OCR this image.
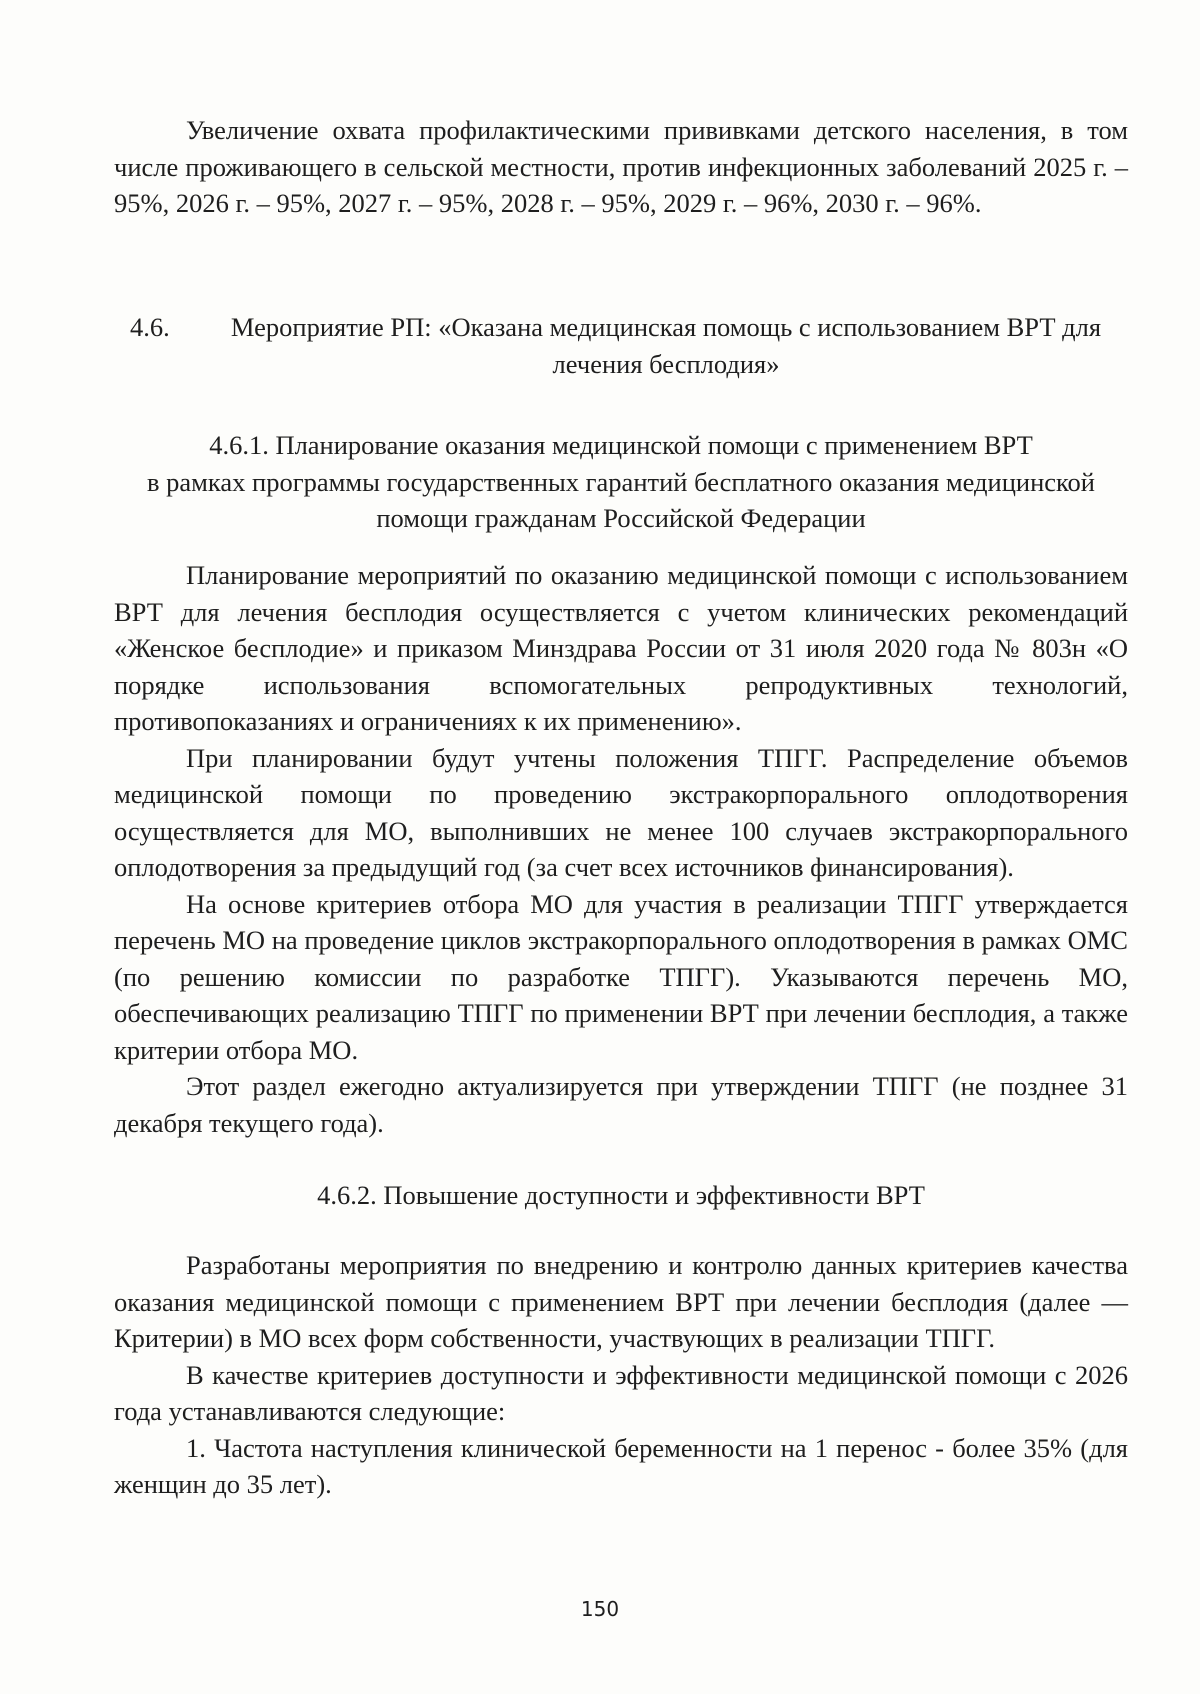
Увеличение охвата профилактическими прививками детского населения, в том числе проживающего в сельской местности, против инфекционных заболеваний 2025 г. – 95%, 2026 г. – 95%, 2027 г. – 95%, 2028 г. – 95%, 2029 г. – 96%, 2030 г. – 96%.

4.6.	Мероприятие РП: «Оказана медицинская помощь с использованием ВРТ для лечения бесплодия»

4.6.1. Планирование оказания медицинской помощи с применением ВРТ

в рамках программы государственных гарантий бесплатного оказания медицинской помощи гражданам Российской Федерации

Планирование мероприятий по оказанию медицинской помощи с использованием ВРТ для лечения бесплодия осуществляется с учетом клинических рекомендаций «Женское бесплодие» и приказом Минздрава России от 31 июля 2020 года № 803н «О порядке использования вспомогательных репродуктивных технологий, противопоказаниях и ограничениях к их применению».

При планировании будут учтены положения ТПГГ. Распределение объемов медицинской помощи по проведению экстракорпорального оплодотворения осуществляется для МО, выполнивших не менее 100 случаев экстракорпорального оплодотворения за предыдущий год (за счет всех источников финансирования).

На основе критериев отбора МО для участия в реализации ТПГГ утверждается перечень МО на проведение циклов экстракорпорального оплодотворения в рамках ОМС (по решению комиссии по разработке ТПГГ). Указываются перечень МО, обеспечивающих реализацию ТПГГ по применении ВРТ при лечении бесплодия, а также критерии отбора МО.

Этот раздел ежегодно актуализируется при утверждении ТПГГ (не позднее 31 декабря текущего года).

4.6.2. Повышение доступности и эффективности ВРТ

Разработаны мероприятия по внедрению и контролю данных критериев качества оказания медицинской помощи с применением ВРТ при лечении бесплодия (далее — Критерии) в МО всех форм собственности, участвующих в реализации ТПГГ.

В качестве критериев доступности и эффективности медицинской помощи с 2026 года устанавливаются следующие:

1. Частота наступления клинической беременности на 1 перенос - более 35% (для женщин до 35 лет).

150
